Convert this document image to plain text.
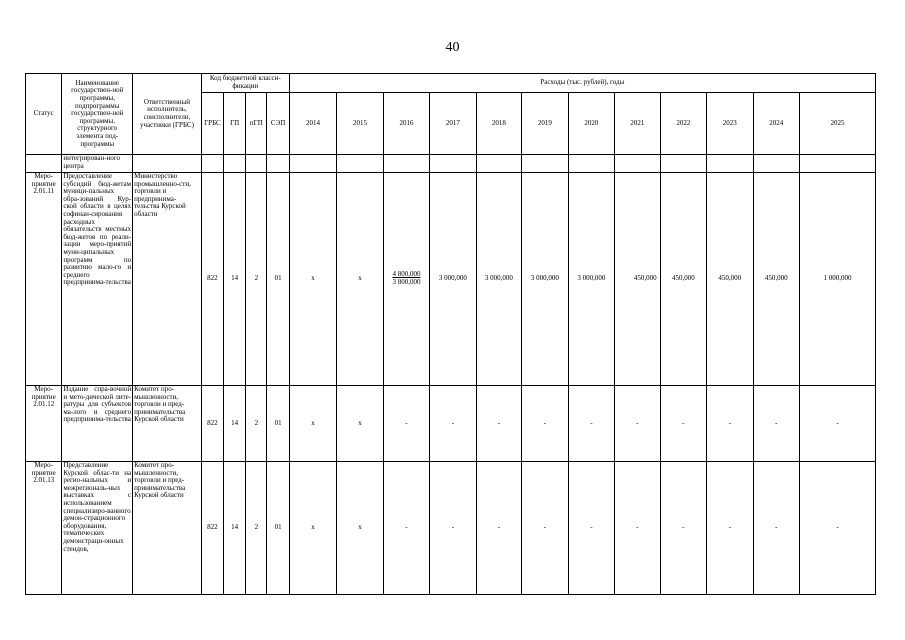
40
Статус	Наименование государствен-ной программы, подпрограммы государствен-ной программы, структурного элемента под-программы	Ответственный исполнитель, соисполнители, участники (ГРБС)	Код бюджетной класси-фикации				Расходы (тыс. рублей), годы											
			ГРБС	ГП	пГП	СЭП	2014	2015	2016	2017	2018	2019	2020	2021	2022	2023	2024	2025

	интегрирован-ного центра																	
Меро-приятие 2.01.11	Предоставление субсидий бюд-жетам муници-пальных обра-зований Кур-ской области в целях софинан-сирования расходных обязательств местных бюд-жетов по реали-зации меро-приятий муни-ципальных программ по развитию мало-го и среднего предпринима-тельства	Министерство промышленно-сти, торговли и предпринима-тельства Курской области	822	14	2	01	x	x	$\frac{4 800,000}{3 800,000}$	3 000,000	3 000,000	3 000,000	3 000,000	450,000	450,000	450,000	450,000	1 000,000
Меро-приятие 2.01.12	Издание спра-вочной и мето-дической лите-ратуры для субъектов ма-лого и среднего предпринима-тельства	Комитет про-мышленности, торговли и пред-принимательства Курской области	822	14	2	01	x	x	-	-	-	-	-	-	-	-	-	-
Меро-приятие 2.01.13	Представление Курской облас-ти на регио-нальных и межрегиональ-ных выставках с использованием специализиро-ванного демон-страционного оборудования, тематических демонстраци-онных стендов,	Комитет про-мышленности, торговли и пред-принимательства Курской области	822	14	2	01	x	x	-	-	-	-	-	-	-	-	-	-
